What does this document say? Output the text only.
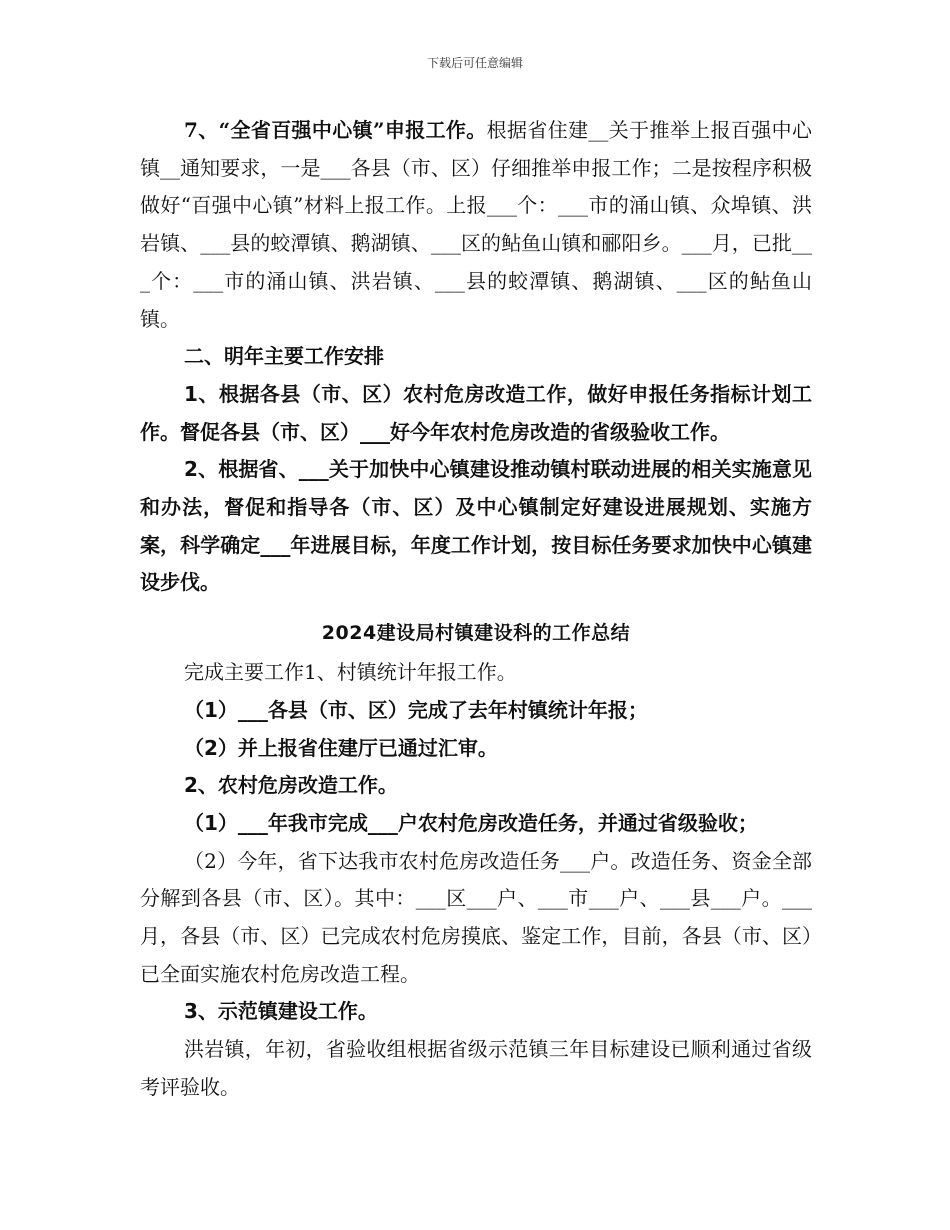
下载后可任意编辑

7、“全省百强中心镇”申报工作。根据省住建__关于推举上报百强中心镇__通知要求，一是___各县（市、区）仔细推举申报工作；二是按程序积极做好“百强中心镇”材料上报工作。上报___个：___市的涌山镇、众埠镇、洪岩镇、___县的蛟潭镇、鹅湖镇、___区的鲇鱼山镇和郦阳乡。___月，已批___个：___市的涌山镇、洪岩镇、___县的蛟潭镇、鹅湖镇、___区的鲇鱼山镇。

二、明年主要工作安排

1、根据各县（市、区）农村危房改造工作，做好申报任务指标计划工作。督促各县（市、区）___好今年农村危房改造的省级验收工作。

2、根据省、___关于加快中心镇建设推动镇村联动进展的相关实施意见和办法，督促和指导各（市、区）及中心镇制定好建设进展规划、实施方案，科学确定___年进展目标，年度工作计划，按目标任务要求加快中心镇建设步伐。

2024建设局村镇建设科的工作总结

完成主要工作1、村镇统计年报工作。

（1）___各县（市、区）完成了去年村镇统计年报；

（2）并上报省住建厅已通过汇审。

2、农村危房改造工作。

（1）___年我市完成___户农村危房改造任务，并通过省级验收；

（2）今年，省下达我市农村危房改造任务___户。改造任务、资金全部分解到各县（市、区）。其中：___区___户、___市___户、___县___户。___月，各县（市、区）已完成农村危房摸底、鉴定工作，目前，各县（市、区）已全面实施农村危房改造工程。

3、示范镇建设工作。

洪岩镇，年初，省验收组根据省级示范镇三年目标建设已顺利通过省级考评验收。
